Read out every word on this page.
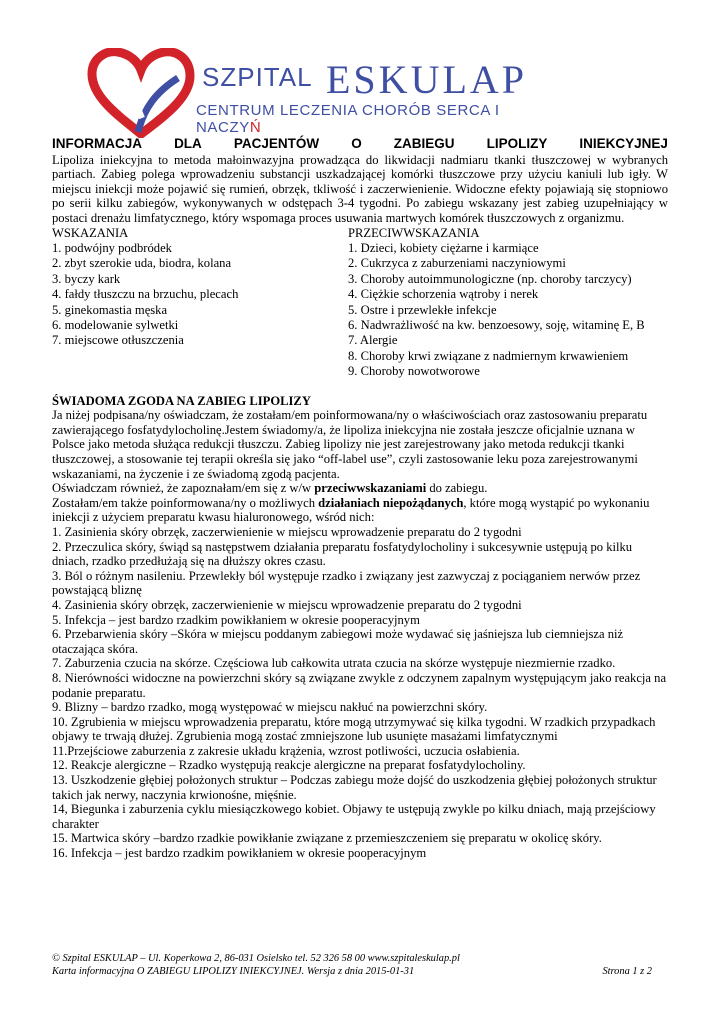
SZPITAL ESKULAP
CENTRUM LECZENIA CHORÓB SERCA I NACZYŃ
INFORMACJA DLA PACJENTÓW O ZABIEGU LIPOLIZY INIEKCYJNEJ

Lipoliza iniekcyjna to metoda małoinwazyjna prowadząca do likwidacji nadmiaru tkanki tłuszczowej w wybranych partiach. Zabieg polega wprowadzeniu substancji uszkadzającej komórki tłuszczowe przy użyciu kaniuli lub igły. W miejscu iniekcji może pojawić się rumień, obrzęk, tkliwość i zaczerwienienie. Widoczne efekty pojawiają się stopniowo po serii kilku zabiegów, wykonywanych w odstępach 3-4 tygodni. Po zabiegu wskazany jest zabieg uzupełniający w postaci drenażu limfatycznego, który wspomaga proces usuwania martwych komórek tłuszczowych z organizmu.

WSKAZANIA
1. podwójny podbródek
2. zbyt szerokie uda, biodra, kolana
3. byczy kark
4. fałdy tłuszczu na brzuchu, plecach
5. ginekomastia męska
6. modelowanie sylwetki
7. miejscowe otłuszczenia
PRZECIWWSKAZANIA
1. Dzieci, kobiety ciężarne i karmiące
2. Cukrzyca z zaburzeniami naczyniowymi
3. Choroby autoimmunologiczne (np. choroby tarczycy)
4. Ciężkie schorzenia wątroby i nerek
5. Ostre i przewlekłe infekcje
6. Nadwrażliwość na kw. benzoesowy, soję, witaminę E, B
7. Alergie
8. Choroby krwi związane z nadmiernym krwawieniem
9. Choroby nowotworowe
ŚWIADOMA ZGODA NA ZABIEG LIPOLIZY

Ja niżej podpisana/ny oświadczam, że zostałam/em poinformowana/ny o właściwościach oraz zastosowaniu preparatu zawierającego fosfatydylocholinę.Jestem świadomy/a, że lipoliza iniekcyjna nie została jeszcze oficjalnie uznana w Polsce jako metoda służąca redukcji tłuszczu. Zabieg lipolizy nie jest zarejestrowany jako metoda redukcji tkanki tłuszczowej, a stosowanie tej terapii określa się jako “off-label use”, czyli zastosowanie leku poza zarejestrowanymi wskazaniami, na życzenie i ze świadomą zgodą pacjenta.

Oświadczam również, że zapoznałam/em się z w/w przeciwwskazaniami do zabiegu.

Zostałam/em także poinformowana/ny o możliwych działaniach niepożądanych, które mogą wystąpić po wykonaniu iniekcji z użyciem preparatu kwasu hialuronowego, wśród nich:

1. Zasinienia skóry obrzęk, zaczerwienienie w miejscu wprowadzenie preparatu do 2 tygodni

2. Przeczulica skóry, świąd są następstwem działania preparatu fosfatydylocholiny i sukcesywnie ustępują po kilku dniach, rzadko przedłużają się na dłuższy okres czasu.

3. Ból o różnym nasileniu. Przewlekły ból występuje rzadko i związany jest zazwyczaj z pociąganiem nerwów przez powstającą bliznę

4. Zasinienia skóry obrzęk, zaczerwienienie w miejscu wprowadzenie preparatu do 2 tygodni

5. Infekcja – jest bardzo rzadkim powikłaniem w okresie pooperacyjnym

6. Przebarwienia skóry –Skóra w miejscu poddanym zabiegowi może wydawać się jaśniejsza lub ciemniejsza niż otaczająca skóra.

7. Zaburzenia czucia na skórze. Częściowa lub całkowita utrata czucia na skórze występuje niezmiernie rzadko.

8. Nierówności widoczne na powierzchni skóry są związane zwykle z odczynem zapalnym występującym jako reakcja na podanie preparatu.

9. Blizny – bardzo rzadko, mogą występować w miejscu nakłuć na powierzchni skóry.

10. Zgrubienia w miejscu wprowadzenia preparatu, które mogą utrzymywać się kilka tygodni. W rzadkich przypadkach objawy te trwają dłużej. Zgrubienia mogą zostać zmniejszone lub usunięte masażami limfatycznymi

11.Przejściowe zaburzenia z zakresie układu krążenia, wzrost potliwości, uczucia osłabienia.

12. Reakcje alergiczne – Rzadko występują reakcje alergiczne na preparat fosfatydylocholiny.

13. Uszkodzenie głębiej położonych struktur – Podczas zabiegu może dojść do uszkodzenia głębiej położonych struktur takich jak nerwy, naczynia krwionośne, mięśnie.

14, Biegunka i zaburzenia cyklu miesiączkowego kobiet. Objawy te ustępują zwykle po kilku dniach, mają przejściowy charakter

15. Martwica skóry –bardzo rzadkie powikłanie związane z przemieszczeniem się preparatu w okolicę skóry.

16. Infekcja – jest bardzo rzadkim powikłaniem w okresie pooperacyjnym

© Szpital ESKULAP – Ul. Koperkowa 2, 86-031 Osielsko tel. 52 326 58 00 www.szpitaleskulap.pl
Karta informacyjna O ZABIEGU LIPOLIZY INIEKCYJNEJ. Wersja z dnia 2015-01-31	Strona 1 z 2
